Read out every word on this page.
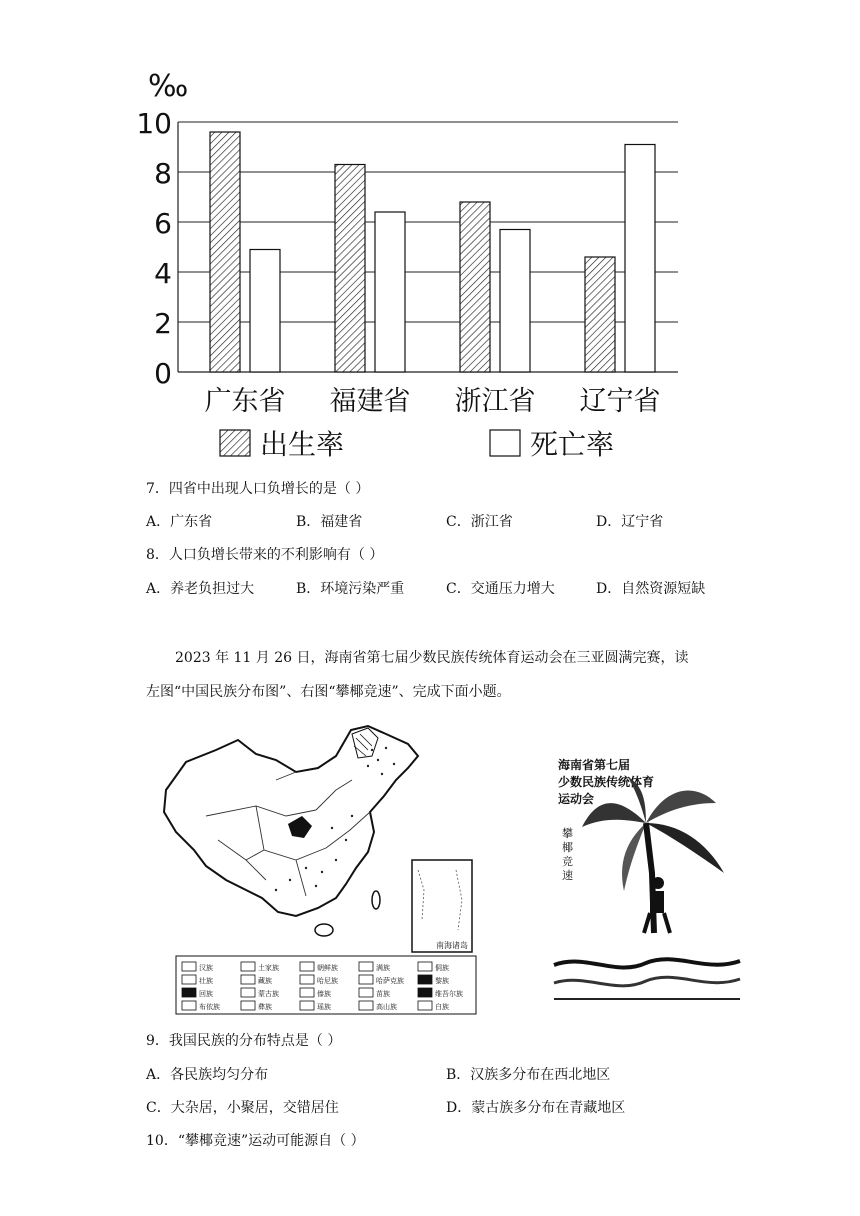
‰
0
2
4
6
8
10
广东省 福建省 浙江省 辽宁省
出生率	死亡率
7．四省中出现人口负增长的是（ ）
A．广东省	B．福建省	C．浙江省	D．辽宁省
8．人口负增长带来的不利影响有（ ）
A．养老负担过大	B．环境污染严重	C．交通压力增大	D．自然资源短缺
2023 年 11 月 26 日，海南省第七届少数民族传统体育运动会在三亚圆满完赛，读
左图“中国民族分布图”、右图“攀椰竞速”、完成下面小题。
南海诸岛
汉族	土家族	朝鲜族	满族	侗族
壮族	藏族	哈尼族	哈萨克族	黎族
回族	蒙古族	傣族	苗族	维吾尔族
布依族	彝族	瑶族	高山族	白族
海南省第七届
少数民族传统体育
运动会
攀
椰
竞
速
9．我国民族的分布特点是（ ）
A．各民族均匀分布	B．汉族多分布在西北地区
C．大杂居，小聚居，交错居住	D．蒙古族多分布在青藏地区
10．“攀椰竞速”运动可能源自（ ）
